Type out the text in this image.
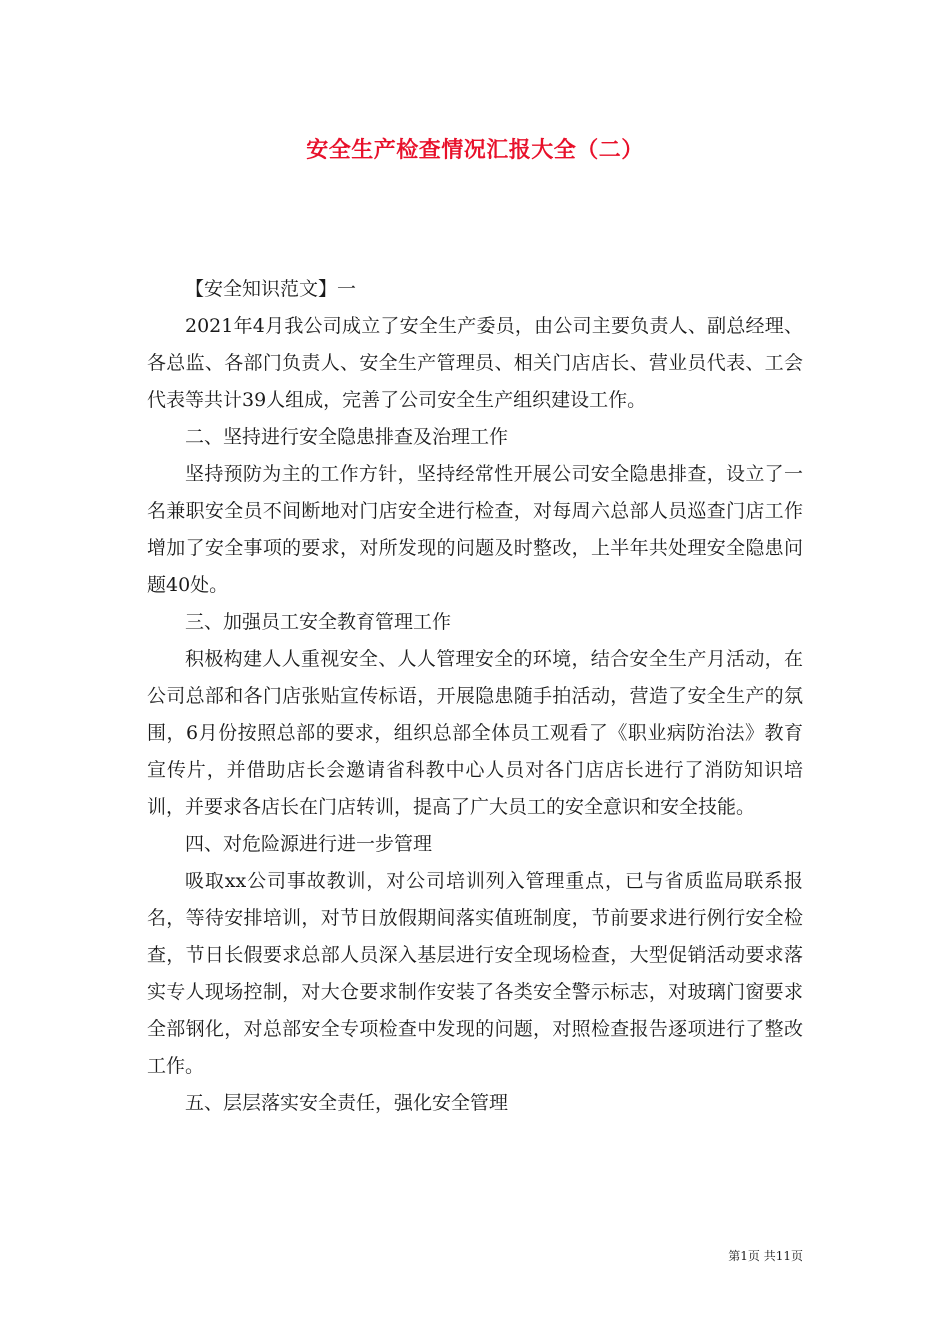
安全生产检查情况汇报大全（二）

【安全知识范文】一

2021年4月我公司成立了安全生产委员，由公司主要负责人、副总经理、各总监、各部门负责人、安全生产管理员、相关门店店长、营业员代表、工会代表等共计39人组成，完善了公司安全生产组织建设工作。

二、坚持进行安全隐患排查及治理工作

坚持预防为主的工作方针，坚持经常性开展公司安全隐患排查，设立了一名兼职安全员不间断地对门店安全进行检查，对每周六总部人员巡查门店工作增加了安全事项的要求，对所发现的问题及时整改，上半年共处理安全隐患问题40处。

三、加强员工安全教育管理工作

积极构建人人重视安全、人人管理安全的环境，结合安全生产月活动，在公司总部和各门店张贴宣传标语，开展隐患随手拍活动，营造了安全生产的氛围，6月份按照总部的要求，组织总部全体员工观看了《职业病防治法》教育宣传片，并借助店长会邀请省科教中心人员对各门店店长进行了消防知识培训，并要求各店长在门店转训，提高了广大员工的安全意识和安全技能。

四、对危险源进行进一步管理

吸取xx公司事故教训，对公司培训列入管理重点，已与省质监局联系报名，等待安排培训，对节日放假期间落实值班制度，节前要求进行例行安全检查，节日长假要求总部人员深入基层进行安全现场检查，大型促销活动要求落实专人现场控制，对大仓要求制作安装了各类安全警示标志，对玻璃门窗要求全部钢化，对总部安全专项检查中发现的问题，对照检查报告逐项进行了整改工作。

五、层层落实安全责任，强化安全管理

第1页 共11页
